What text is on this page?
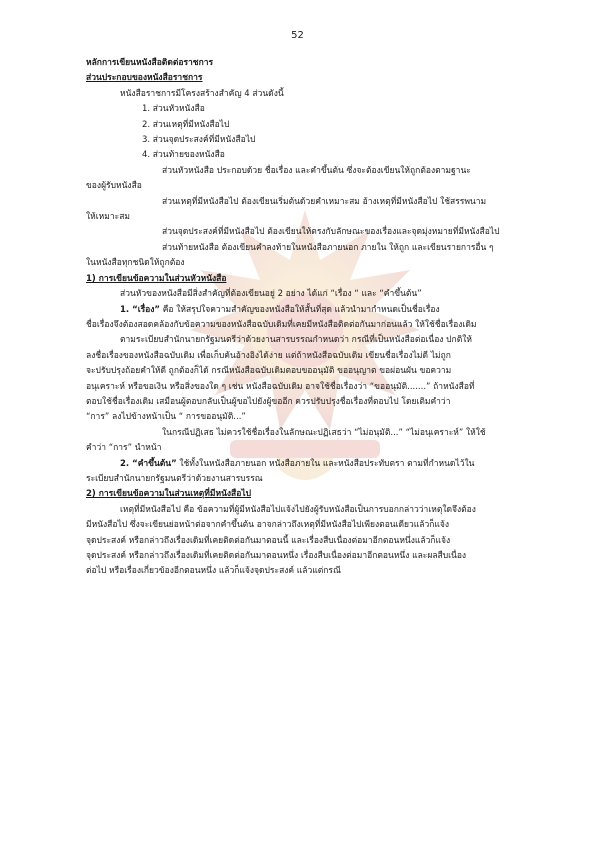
52

หลักการเขียนหนังสือติดต่อราชการ

ส่วนประกอบของหนังสือราชการ

หนังสือราชการมีโครงสร้างสำคัญ 4 ส่วนดังนี้

1. ส่วนหัวหนังสือ

2. ส่วนเหตุที่มีหนังสือไป

3. ส่วนจุดประสงค์ที่มีหนังสือไป

4. ส่วนท้ายของหนังสือ

ส่วนหัวหนังสือ ประกอบด้วย ชื่อเรื่อง และคำขึ้นต้น ซึ่งจะต้องเขียนให้ถูกต้องตามฐานะ

ของผู้รับหนังสือ

ส่วนเหตุที่มีหนังสือไป ต้องเขียนเริ่มต้นด้วยคำเหมาะสม อ้างเหตุที่มีหนังสือไป ใช้สรรพนาม

ให้เหมาะสม

ส่วนจุดประสงค์ที่มีหนังสือไป ต้องเขียนให้ตรงกับลักษณะของเรื่องและจุดมุ่งหมายที่มีหนังสือไป

ส่วนท้ายหนังสือ ต้องเขียนคำลงท้ายในหนังสือภายนอก ภายใน ให้ถูก และเขียนรายการอื่น ๆ

ในหนังสือทุกชนิดให้ถูกต้อง

1) การเขียนข้อความในส่วนหัวหนังสือ

ส่วนหัวของหนังสือมีสิ่งสำคัญที่ต้องเขียนอยู่ 2 อย่าง ได้แก่ “เรื่อง “ และ “คำขึ้นต้น”

1. “เรื่อง” คือ ให้สรุปใจความสำคัญของหนังสือให้สั้นที่สุด แล้วนำมากำหนดเป็นชื่อเรื่อง

ชื่อเรื่องจึงต้องสอดคล้องกับข้อความของหนังสือฉบับเดิมที่เคยมีหนังสือติดต่อกันมาก่อนแล้ว ให้ใช้ชื่อเรื่องเดิม

ตามระเบียบสำนักนายกรัฐมนตรีว่าด้วยงานสารบรรณกำหนดว่า กรณีที่เป็นหนังสือต่อเนื่อง ปกติให้

ลงชื่อเรื่องของหนังสือฉบับเดิม เพื่อเก็บค้นอ้างอิงได้ง่าย แต่ถ้าหนังสือฉบับเดิม เขียนชื่อเรื่องไม่ดี ไม่ถูก

จะปรับปรุงถ้อยคำให้ดี ถูกต้องก็ได้ กรณีหนังสือฉบับเดิมตอบขออนุมัติ ขออนุญาต ขอผ่อนผัน ขอความ

อนุเคราะห์ หรือขอเงิน หรือสิ่งของใด ๆ เช่น หนังสือฉบับเดิม อาจใช้ชื่อเรื่องว่า “ขออนุมัติ.......” ถ้าหนังสือที่

ตอบใช้ชื่อเรื่องเดิม เสมือนผู้ตอบกลับเป็นผู้ขอไปยังผู้ขออีก ควรปรับปรุงชื่อเรื่องที่ตอบไป โดยเติมคำว่า

“การ” ลงไปข้างหน้าเป็น “ การขออนุมัติ...”

ในกรณีปฏิเสธ ไม่ควรใช้ชื่อเรื่องในลักษณะปฏิเสธว่า “ไม่อนุมัติ...” “ไม่อนุเคราะห์” ให้ใช้

คำว่า “การ” นำหน้า

2. “คำขึ้นต้น” ใช้ทั้งในหนังสือภายนอก หนังสือภายใน และหนังสือประทับตรา ตามที่กำหนดไว้ใน

ระเบียบสำนักนายกรัฐมนตรีว่าด้วยงานสารบรรณ

2) การเขียนข้อความในส่วนเหตุที่มีหนังสือไป

เหตุที่มีหนังสือไป คือ ข้อความที่ผู้มีหนังสือไปแจ้งไปยังผู้รับหนังสือเป็นการบอกกล่าวว่าเหตุใดจึงต้อง

มีหนังสือไป ซึ่งจะเขียนย่อหน้าต่อจากคำขึ้นต้น อาจกล่าวถึงเหตุที่มีหนังสือไปเพียงตอนเดียวแล้วก็แจ้ง

จุดประสงค์ หรือกล่าวถึงเรื่องเดิมที่เคยติดต่อกันมาตอนนี้ และเรื่องสืบเนื่องต่อมาอีกตอนหนึ่งแล้วก็แจ้ง

จุดประสงค์ หรือกล่าวถึงเรื่องเดิมที่เคยติดต่อกันมาตอนหนึ่ง เรื่องสืบเนื่องต่อมาอีกตอนหนึ่ง และผลสืบเนื่อง

ต่อไป หรือเรื่องเกี่ยวข้องอีกตอนหนึ่ง แล้วก็แจ้งจุดประสงค์ แล้วแต่กรณี
